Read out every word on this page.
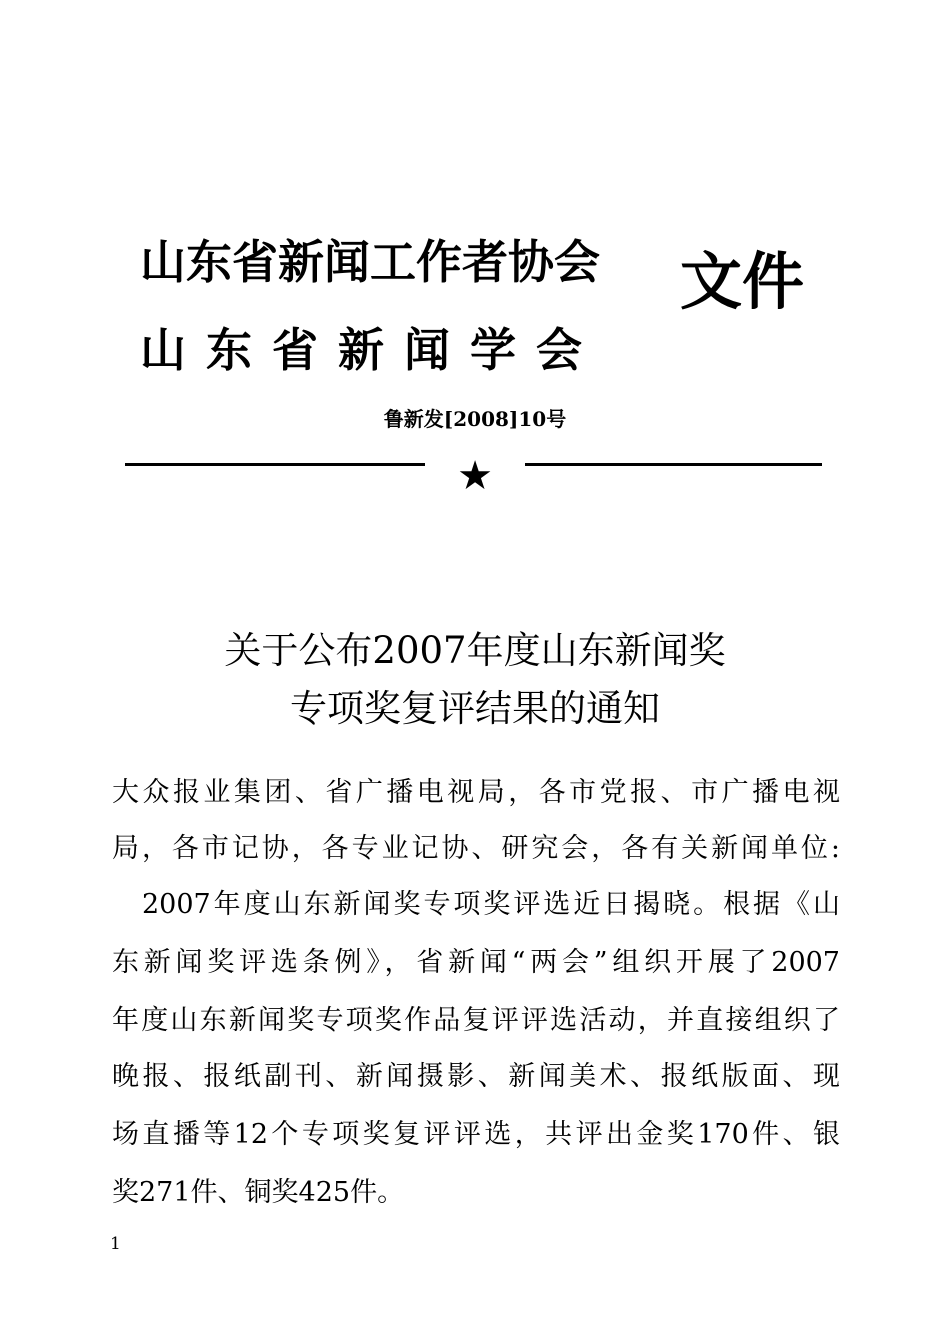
山东省新闻工作者协会
山东省新闻学会
文件
鲁新发[2008]10号
★
关于公布2007年度山东新闻奖
专项奖复评结果的通知
大众报业集团、省广播电视局，各市党报、市广播电视
局，各市记协，各专业记协、研究会，各有关新闻单位:
2007年度山东新闻奖专项奖评选近日揭晓。根据《山
东新闻奖评选条例》，省新闻“两会”组织开展了2007
年度山东新闻奖专项奖作品复评评选活动，并直接组织了
晚报、报纸副刊、新闻摄影、新闻美术、报纸版面、现
场直播等12个专项奖复评评选，共评出金奖170件、银
奖271件、铜奖425件。
1
